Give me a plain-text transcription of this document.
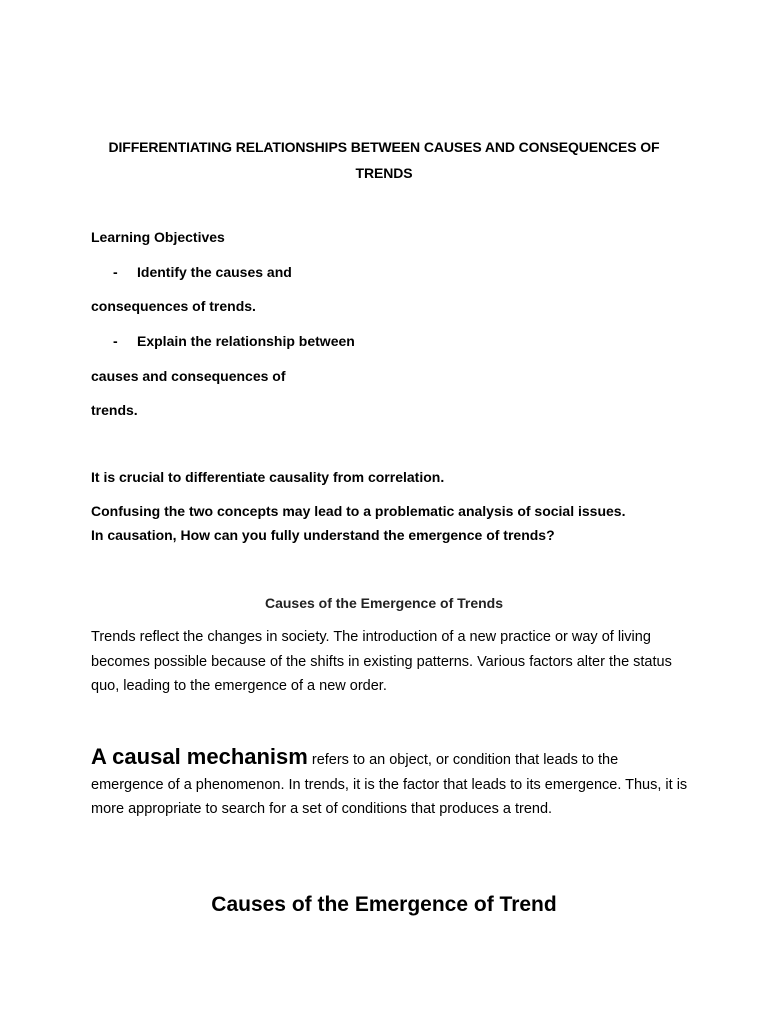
DIFFERENTIATING RELATIONSHIPS BETWEEN CAUSES AND CONSEQUENCES OF TRENDS
Learning Objectives
- Identify the causes and
consequences of trends.
- Explain the relationship between
causes and consequences of
trends.
It is crucial to differentiate causality from correlation.
Confusing the two concepts may lead to a problematic analysis of social issues.
In causation, How can you fully understand the emergence of trends?
Causes of the Emergence of Trends
Trends reflect the changes in society. The introduction of a new practice or way of living becomes possible because of the shifts in existing patterns. Various factors alter the status quo, leading to the emergence of a new order.
A causal mechanism refers to an object, or condition that leads to the emergence of a phenomenon. In trends, it is the factor that leads to its emergence. Thus, it is more appropriate to search for a set of conditions that produces a trend.
Causes of the Emergence of Trend
